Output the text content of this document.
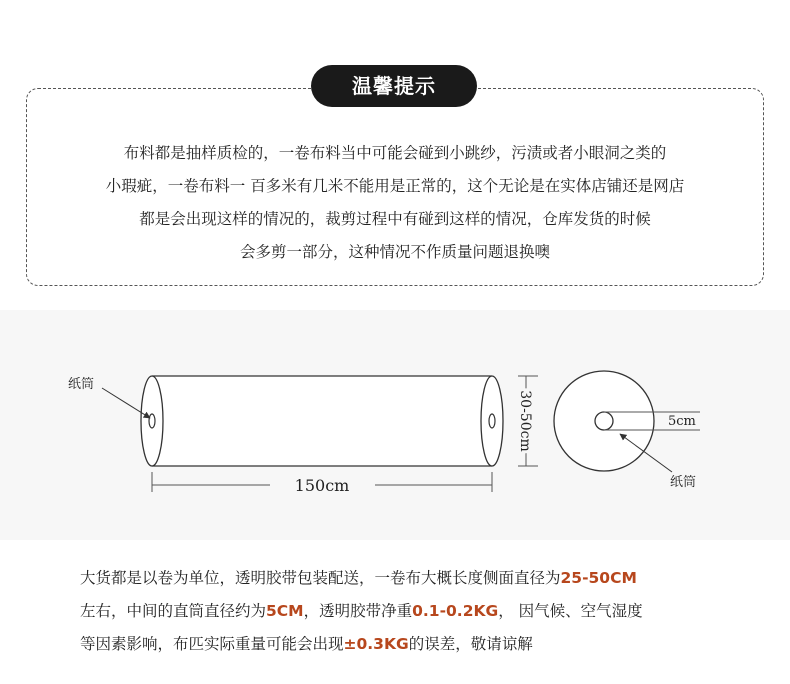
温馨提示
布料都是抽样质检的，一卷布料当中可能会碰到小跳纱，污渍或者小眼洞之类的
小瑕疵，一卷布料一 百多米有几米不能用是正常的，这个无论是在实体店铺还是网店
都是会出现这样的情况的，裁剪过程中有碰到这样的情况，仓库发货的时候
会多剪一部分，这种情况不作质量问题退换噢
纸筒
150cm
30-50cm	5cm
纸筒
大货都是以卷为单位，透明胶带包装配送，一卷布大概长度侧面直径为25-50CM
左右，中间的直筒直径约为5CM，透明胶带净重0.1-0.2KG， 因气候、空气湿度
等因素影响，布匹实际重量可能会出现±0.3KG的误差，敬请谅解
